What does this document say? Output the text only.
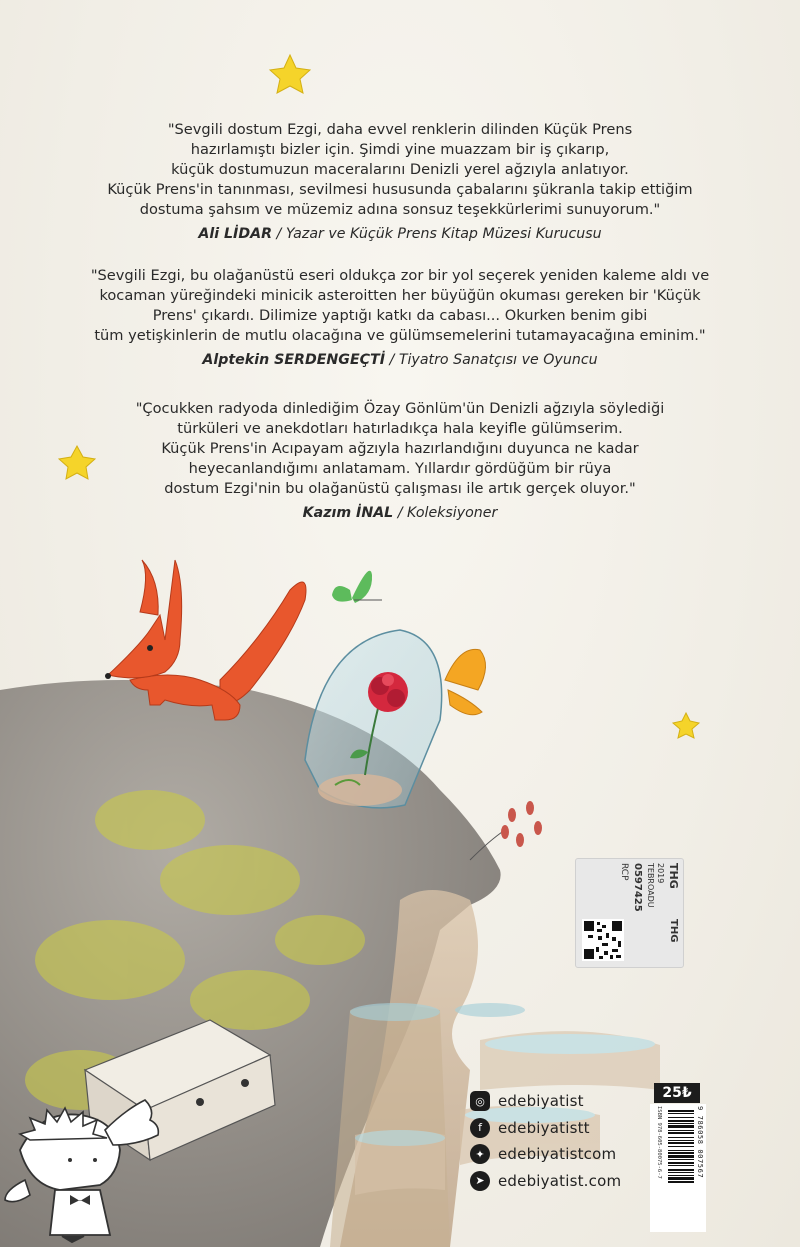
"Sevgili dostum Ezgi, daha evvel renklerin dilinden Küçük Prens
hazırlamıştı bizler için. Şimdi yine muazzam bir iş çıkarıp,
küçük dostumuzun maceralarını Denizli yerel ağzıyla anlatıyor.
Küçük Prens'in tanınması, sevilmesi hususunda çabalarını şükranla takip ettiğim
dostuma şahsım ve müzemiz adına sonsuz teşekkürlerimi sunuyorum."
Ali LİDAR / Yazar ve Küçük Prens Kitap Müzesi Kurucusu
"Sevgili Ezgi, bu olağanüstü eseri oldukça zor bir yol seçerek yeniden kaleme aldı ve
kocaman yüreğindeki minicik asteroitten her büyüğün okuması gereken bir 'Küçük
Prens' çıkardı. Dilimize yaptığı katkı da cabası... Okurken benim gibi
tüm yetişkinlerin de mutlu olacağına ve gülümsemelerini tutamayacağına eminim."
Alptekin SERDENGEÇTİ / Tiyatro Sanatçısı ve Oyuncu
"Çocukken radyoda dinlediğim Özay Gönlüm'ün Denizli ağzıyla söylediği
türküleri ve anekdotları hatırladıkça hala keyifle gülümserim.
Küçük Prens'in Acıpayam ağzıyla hazırlandığını duyunca ne kadar
heyecanlandığımı anlatamam. Yıllardır gördüğüm bir rüya
dostum Ezgi'nin bu olağanüstü çalışması ile artık gerçek oluyor."
Kazım İNAL / Koleksiyoner
THG
2019
TEBROADU
0597425
RCP
THG
◎ edebiyatist
f	edebiyatistt
✦ edebiyatistcom
➤ edebiyatist.com
25₺
ISBN 978-605-80075-6-7	9 786058 007567
